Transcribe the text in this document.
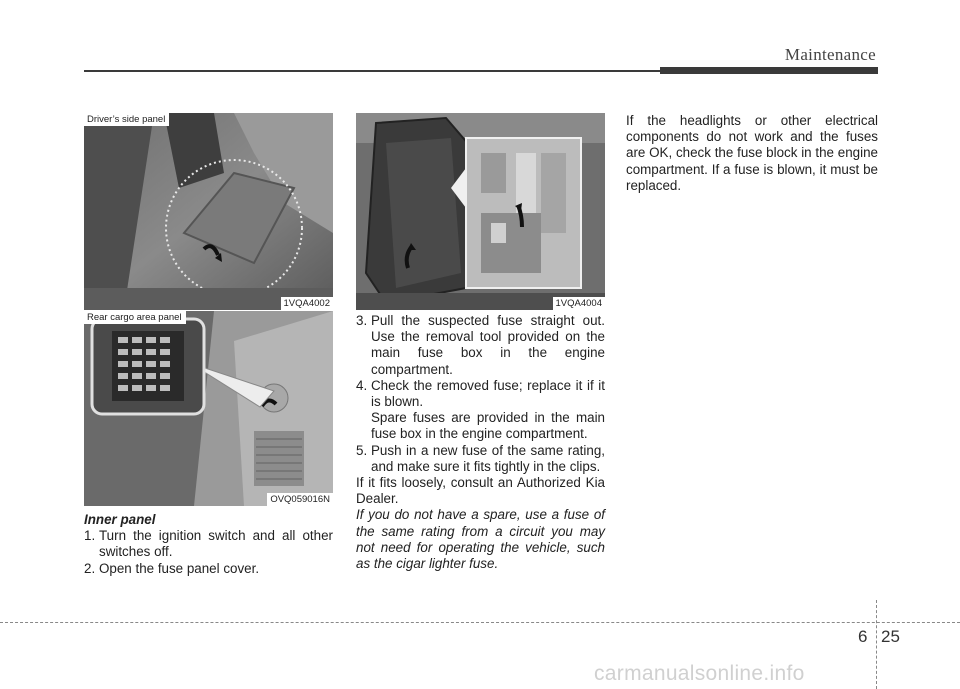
Maintenance
Driver’s side panel
1VQA4002
Rear cargo area panel
OVQ059016N
1VQA4004

Inner panel

1. Turn the ignition switch and all other switches off.
2. Open the fuse panel cover.
3. Pull the suspected fuse straight out. Use the removal tool provided on the main fuse box in the engine compartment.
4. Check the removed fuse; replace it if it is blown.

Spare fuses are provided in the main fuse box in the engine compartment.

5. Push in a new fuse of the same rating, and make sure it fits tightly in the clips.

If it fits loosely, consult an Authorized Kia Dealer.

If you do not have a spare, use a fuse of the same rating from a circuit you may not need for operating the vehicle, such as the cigar lighter fuse.

If the headlights or other electrical components do not work and the fuses are OK, check the fuse block in the engine compartment. If a fuse is blown, it must be replaced.

6 25
carmanualsonline.info
